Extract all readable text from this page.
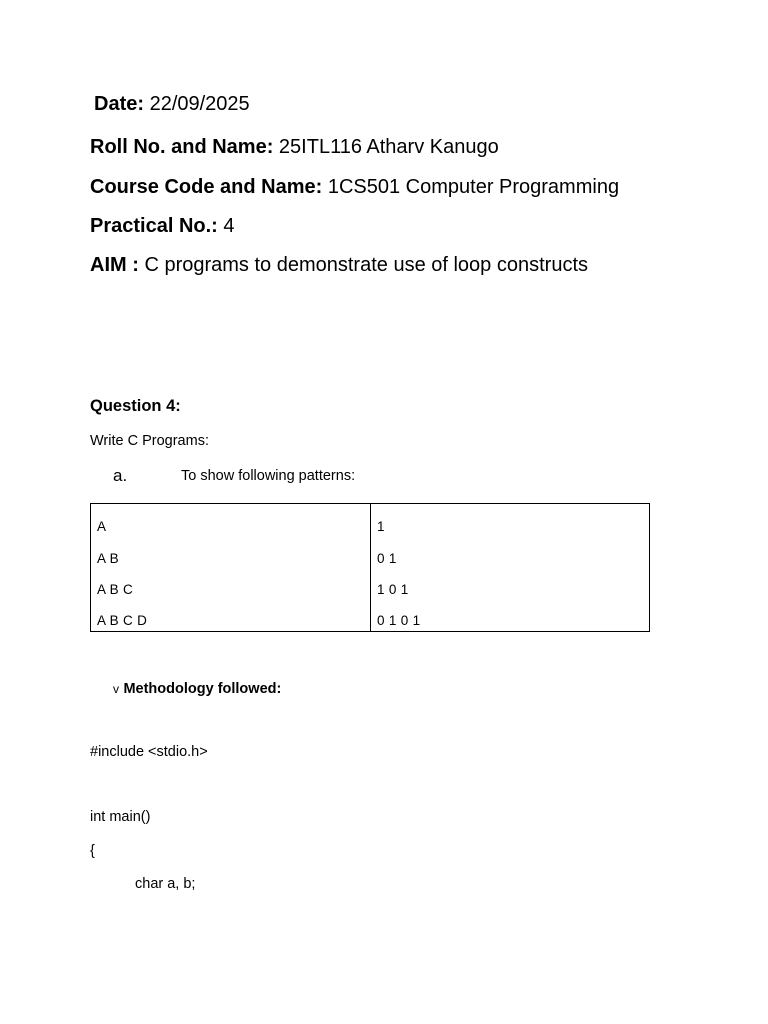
Date: 22/09/2025
Roll No. and Name: 25ITL116 Atharv Kanugo
Course Code and Name: 1CS501 Computer Programming
Practical No.: 4
AIM : C programs to demonstrate use of loop constructs
Question 4:
Write C Programs:
a.	To show following patterns:
A
A B
A B C
A B C D
1
0 1
1 0 1
0 1 0 1
v Methodology followed:
#include <stdio.h>
int main()
{
char a, b;
